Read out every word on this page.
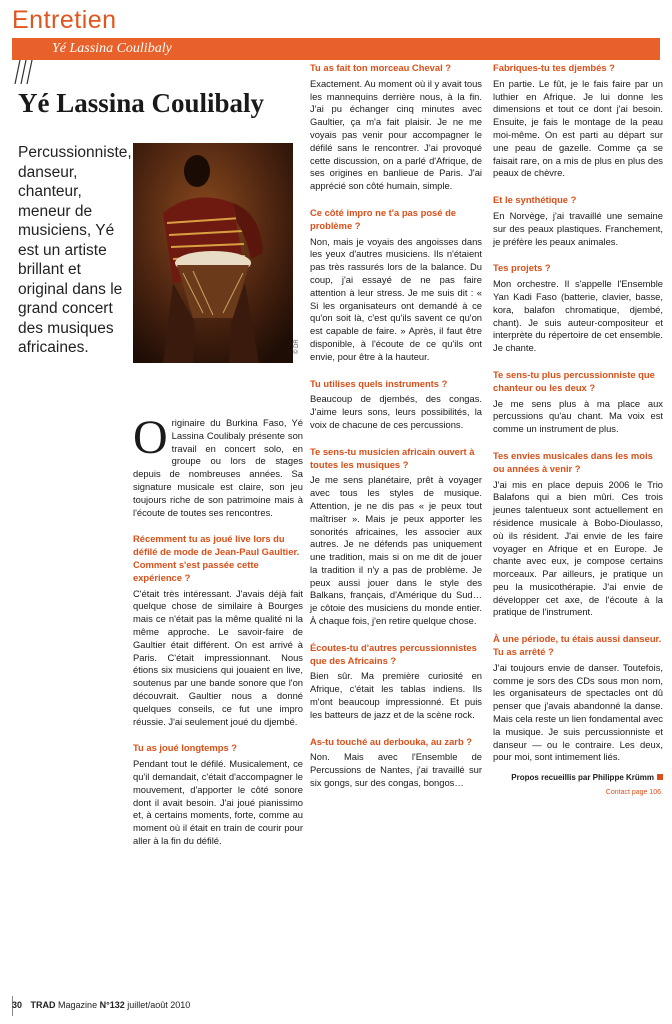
Entretien
Yé Lassina Coulibaly
Yé Lassina Coulibaly
Percussionniste, danseur, chanteur, meneur de musiciens, Yé est un artiste brillant et original dans le grand concert des musiques africaines.	© DR

Originaire du Burkina Faso, Yé Lassina Coulibaly présente son travail en concert solo, en groupe ou lors de stages depuis de nombreuses années. Sa signature musicale est claire, son jeu toujours riche de son patrimoine mais à l'écoute de toutes ses rencontres.

Récemment tu as joué live lors du défilé de mode de Jean-Paul Gaultier. Comment s'est passée cette expérience ?

C'était très intéressant. J'avais déjà fait quelque chose de similaire à Bourges mais ce n'était pas la même qualité ni la même approche. Le savoir-faire de Gaultier était différent. On est arrivé à Paris. C'était impressionnant. Nous étions six musiciens qui jouaient en live, soutenus par une bande sonore que l'on découvrait. Gaultier nous a donné quelques conseils, ce fut une impro réussie. J'ai seulement joué du djembé.

Tu as joué longtemps ?

Pendant tout le défilé. Musicalement, ce qu'il demandait, c'était d'accompagner le mouvement, d'apporter le côté sonore dont il avait besoin. J'ai joué pianissimo et, à certains moments, forte, comme au moment où il était en train de courir pour aller à la fin du défilé.

Tu as fait ton morceau Cheval ?

Exactement. Au moment où il y avait tous les mannequins derrière nous, à la fin. J'ai pu échanger cinq minutes avec Gaultier, ça m'a fait plaisir. Je ne me voyais pas venir pour accompagner le défilé sans le rencontrer. J'ai provoqué cette discussion, on a parlé d'Afrique, de ses origines en banlieue de Paris. J'ai apprécié son côté humain, simple.

Ce côté impro ne t'a pas posé de problème ?

Non, mais je voyais des angoisses dans les yeux d'autres musiciens. Ils n'étaient pas très rassurés lors de la balance. Du coup, j'ai essayé de ne pas faire attention à leur stress. Je me suis dit : « Si les organisateurs ont demandé à ce qu'on soit là, c'est qu'ils savent ce qu'on est capable de faire. » Après, il faut être disponible, à l'écoute de ce qu'ils ont envie, pour être à la hauteur.

Tu utilises quels instruments ?

Beaucoup de djembés, des congas. J'aime leurs sons, leurs possibilités, la voix de chacune de ces percussions.

Te sens-tu musicien africain ouvert à toutes les musiques ?

Je me sens planétaire, prêt à voyager avec tous les styles de musique. Attention, je ne dis pas « je peux tout maîtriser ». Mais je peux apporter les sonorités africaines, les associer aux autres. Je ne défends pas uniquement une tradition, mais si on me dit de jouer la tradition il n'y a pas de problème. Je peux aussi jouer dans le style des Balkans, français, d'Amérique du Sud… je côtoie des musiciens du monde entier. À chaque fois, j'en retire quelque chose.

Écoutes-tu d'autres percussionnistes que des Africains ?

Bien sûr. Ma première curiosité en Afrique, c'était les tablas indiens. Ils m'ont beaucoup impressionné. Et puis les batteurs de jazz et de la scène rock.

As-tu touché au derbouka, au zarb ?

Non. Mais avec l'Ensemble de Percussions de Nantes, j'ai travaillé sur six gongs, sur des congas, bongos…

Fabriques-tu tes djembés ?

En partie. Le fût, je le fais faire par un luthier en Afrique. Je lui donne les dimensions et tout ce dont j'ai besoin. Ensuite, je fais le montage de la peau moi-même. On est parti au départ sur une peau de gazelle. Comme ça se faisait rare, on a mis de plus en plus des peaux de chèvre.

Et le synthétique ?

En Norvège, j'ai travaillé une semaine sur des peaux plastiques. Franchement, je préfère les peaux animales.

Tes projets ?

Mon orchestre. Il s'appelle l'Ensemble Yan Kadi Faso (batterie, clavier, basse, kora, balafon chromatique, djembé, chant). Je suis auteur-compositeur et interprète du répertoire de cet ensemble. Je chante.

Te sens-tu plus percussionniste que chanteur ou les deux ?

Je me sens plus à ma place aux percussions qu'au chant. Ma voix est comme un instrument de plus.

Tes envies musicales dans les mois ou années à venir ?

J'ai mis en place depuis 2006 le Trio Balafons qui a bien mûri. Ces trois jeunes talentueux sont actuellement en résidence musicale à Bobo-Dioulasso, où ils résident. J'ai envie de les faire voyager en Afrique et en Europe. Je chante avec eux, je compose certains morceaux. Par ailleurs, je pratique un peu la musicothérapie. J'ai envie de développer cet axe, de l'écoute à la pratique de l'instrument.

À une période, tu étais aussi danseur. Tu as arrêté ?

J'ai toujours envie de danser. Toutefois, comme je sors des CDs sous mon nom, les organisateurs de spectacles ont dû penser que j'avais abandonné la danse. Mais cela reste un lien fondamental avec la musique. Je suis percussionniste et danseur — ou le contraire. Les deux, pour moi, sont intimement liés.

Propos recueillis par Philippe Krümm

Contact page 106.

30 TRAD Magazine N°132 juillet/août 2010
